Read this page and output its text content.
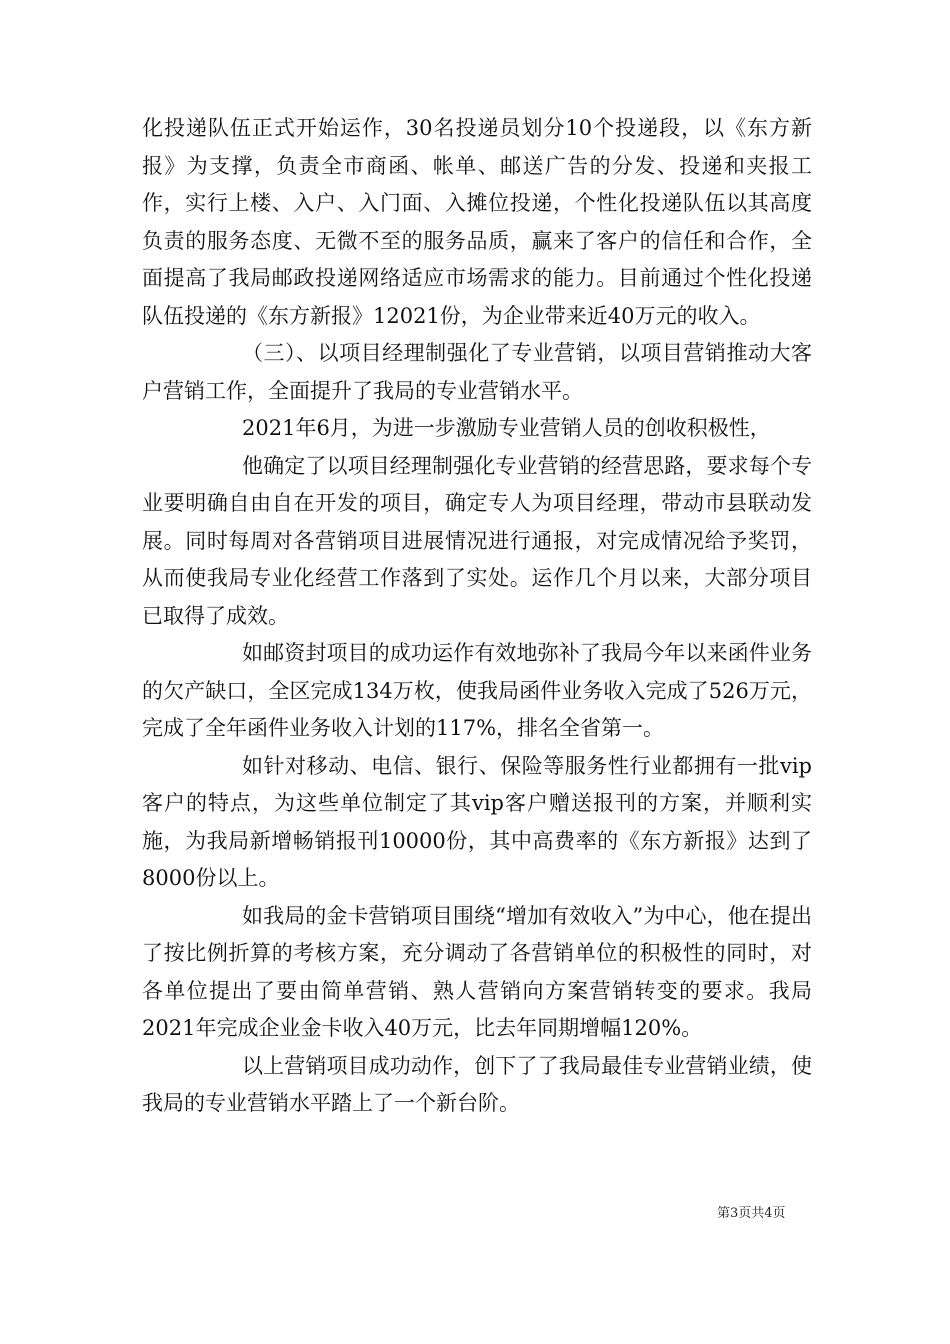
化投递队伍正式开始运作，30名投递员划分10个投递段，以《东方新报》为支撑，负责全市商函、帐单、邮送广告的分发、投递和夹报工作，实行上楼、入户、入门面、入摊位投递，个性化投递队伍以其高度负责的服务态度、无微不至的服务品质，赢来了客户的信任和合作，全面提高了我局邮政投递网络适应市场需求的能力。目前通过个性化投递队伍投递的《东方新报》12021份，为企业带来近40万元的收入。

（三）、以项目经理制强化了专业营销，以项目营销推动大客户营销工作，全面提升了我局的专业营销水平。

2021年6月，为进一步激励专业营销人员的创收积极性，

他确定了以项目经理制强化专业营销的经营思路，要求每个专业要明确自由自在开发的项目，确定专人为项目经理，带动市县联动发展。同时每周对各营销项目进展情况进行通报，对完成情况给予奖罚，从而使我局专业化经营工作落到了实处。运作几个月以来，大部分项目已取得了成效。

如邮资封项目的成功运作有效地弥补了我局今年以来函件业务的欠产缺口，全区完成134万枚，使我局函件业务收入完成了526万元，完成了全年函件业务收入计划的117%，排名全省第一。

如针对移动、电信、银行、保险等服务性行业都拥有一批vip客户的特点，为这些单位制定了其vip客户赠送报刊的方案，并顺利实施，为我局新增畅销报刊10000份，其中高费率的《东方新报》达到了8000份以上。

如我局的金卡营销项目围绕“增加有效收入”为中心，他在提出了按比例折算的考核方案，充分调动了各营销单位的积极性的同时，对各单位提出了要由简单营销、熟人营销向方案营销转变的要求。我局2021年完成企业金卡收入40万元，比去年同期增幅120%。

以上营销项目成功动作，创下了了我局最佳专业营销业绩，使我局的专业营销水平踏上了一个新台阶。

第3页共4页
